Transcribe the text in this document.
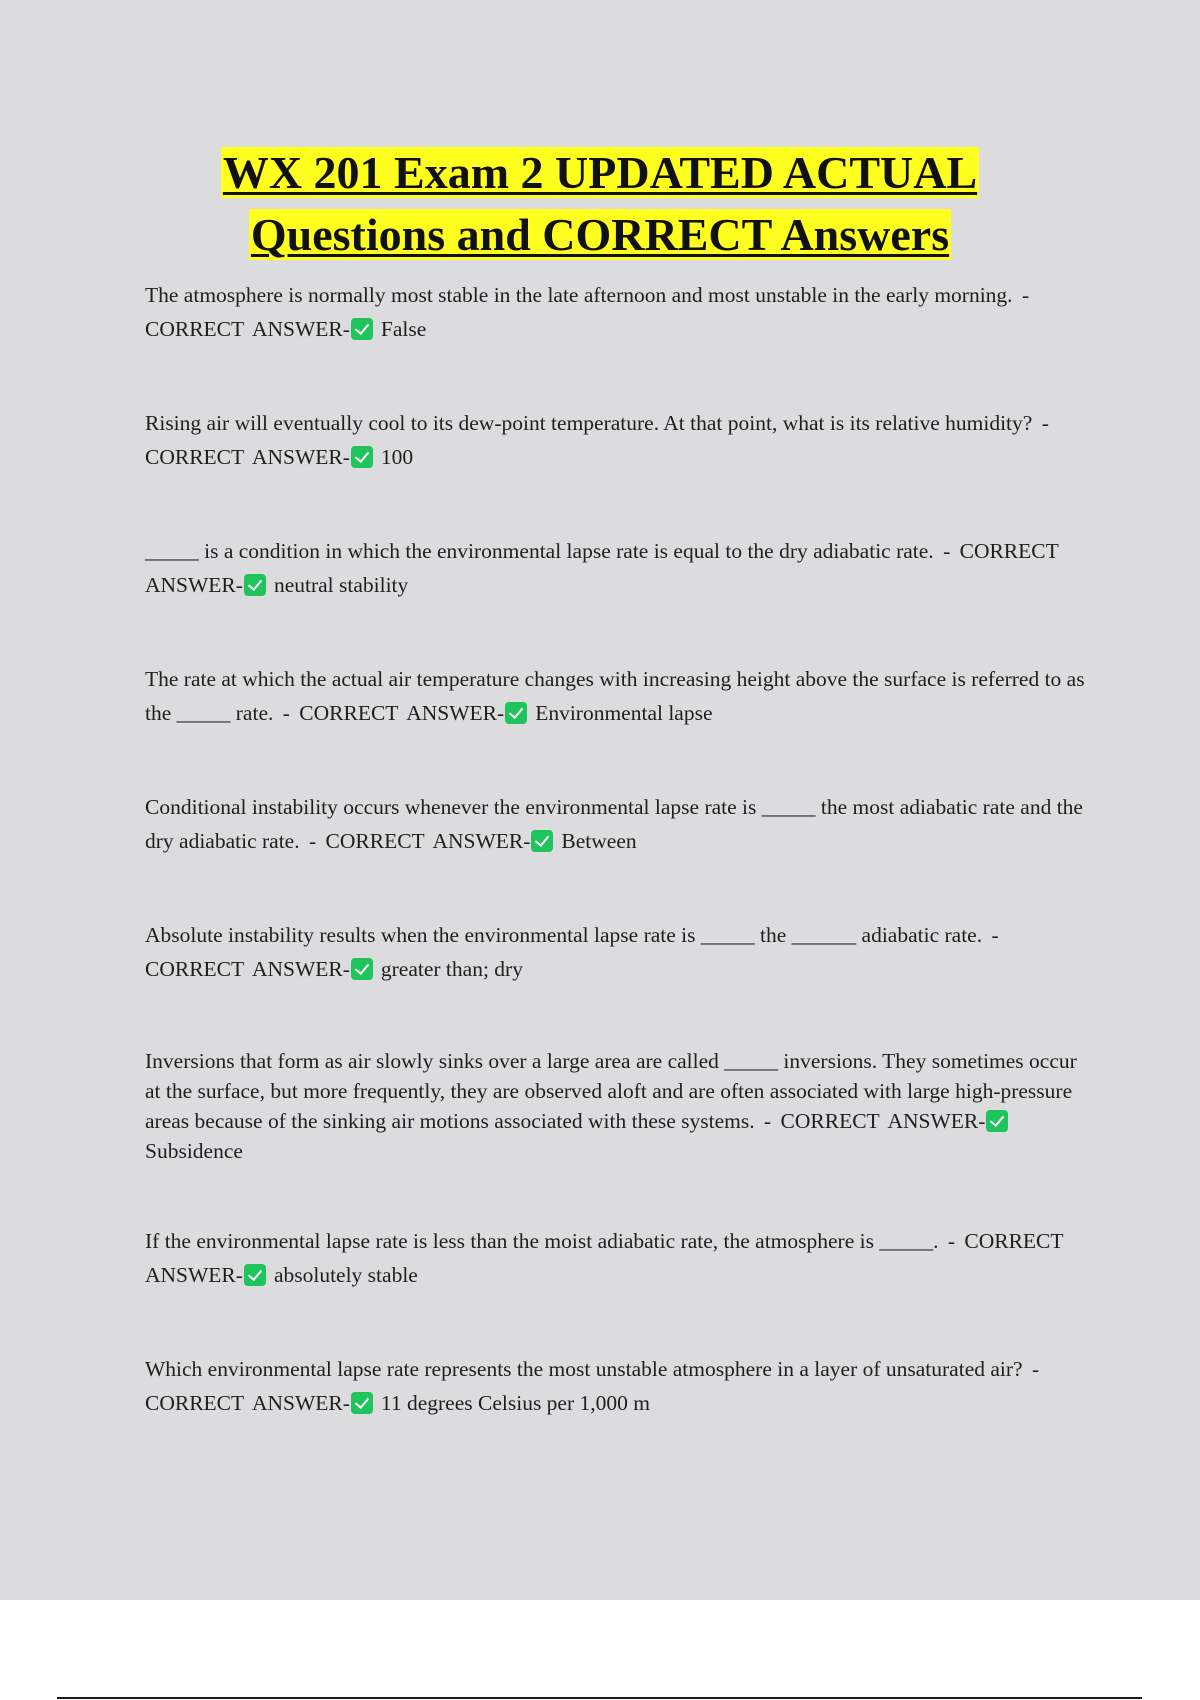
WX 201 Exam 2 UPDATED ACTUAL
Questions and CORRECT Answers
The atmosphere is normally most stable in the late afternoon and most unstable in the early morning. - CORRECT ANSWER- False
Rising air will eventually cool to its dew-point temperature. At that point, what is its relative humidity? - CORRECT ANSWER- 100
_____ is a condition in which the environmental lapse rate is equal to the dry adiabatic rate. - CORRECT ANSWER- neutral stability
The rate at which the actual air temperature changes with increasing height above the surface is referred to as the _____ rate. - CORRECT ANSWER- Environmental lapse
Conditional instability occurs whenever the environmental lapse rate is _____ the most adiabatic rate and the dry adiabatic rate. - CORRECT ANSWER- Between
Absolute instability results when the environmental lapse rate is _____ the ______ adiabatic rate. - CORRECT ANSWER- greater than; dry
Inversions that form as air slowly sinks over a large area are called _____ inversions. They sometimes occur at the surface, but more frequently, they are observed aloft and are often associated with large high-pressure areas because of the sinking air motions associated with these systems. - CORRECT ANSWER-Subsidence
If the environmental lapse rate is less than the moist adiabatic rate, the atmosphere is _____. - CORRECT ANSWER- absolutely stable
Which environmental lapse rate represents the most unstable atmosphere in a layer of unsaturated air? - CORRECT ANSWER- 11 degrees Celsius per 1,000 m
